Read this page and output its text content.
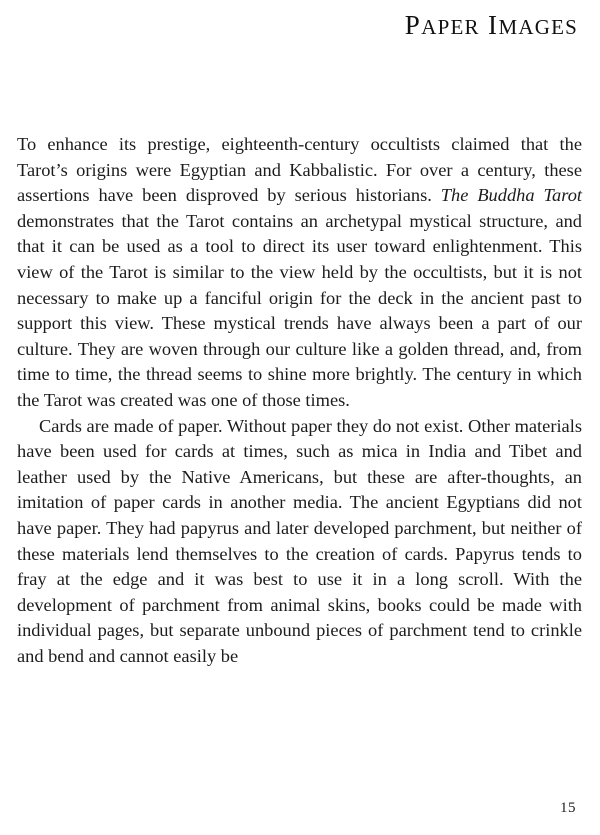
PAPER IMAGES

To enhance its prestige, eighteenth-century occultists claimed that the Tarot’s origins were Egyptian and Kabbalistic. For over a century, these assertions have been disproved by serious historians. The Buddha Tarot demonstrates that the Tarot contains an archetypal mystical structure, and that it can be used as a tool to direct its user toward enlightenment. This view of the Tarot is similar to the view held by the occultists, but it is not necessary to make up a fanciful origin for the deck in the ancient past to support this view. These mystical trends have always been a part of our culture. They are woven through our culture like a golden thread, and, from time to time, the thread seems to shine more brightly. The century in which the Tarot was created was one of those times.

Cards are made of paper. Without paper they do not exist. Other materials have been used for cards at times, such as mica in India and Tibet and leather used by the Native Americans, but these are after-thoughts, an imitation of paper cards in another media. The ancient Egyptians did not have paper. They had papyrus and later developed parchment, but neither of these materials lend themselves to the creation of cards. Papyrus tends to fray at the edge and it was best to use it in a long scroll. With the development of parchment from animal skins, books could be made with individual pages, but separate unbound pieces of parchment tend to crinkle and bend and cannot easily be

15
